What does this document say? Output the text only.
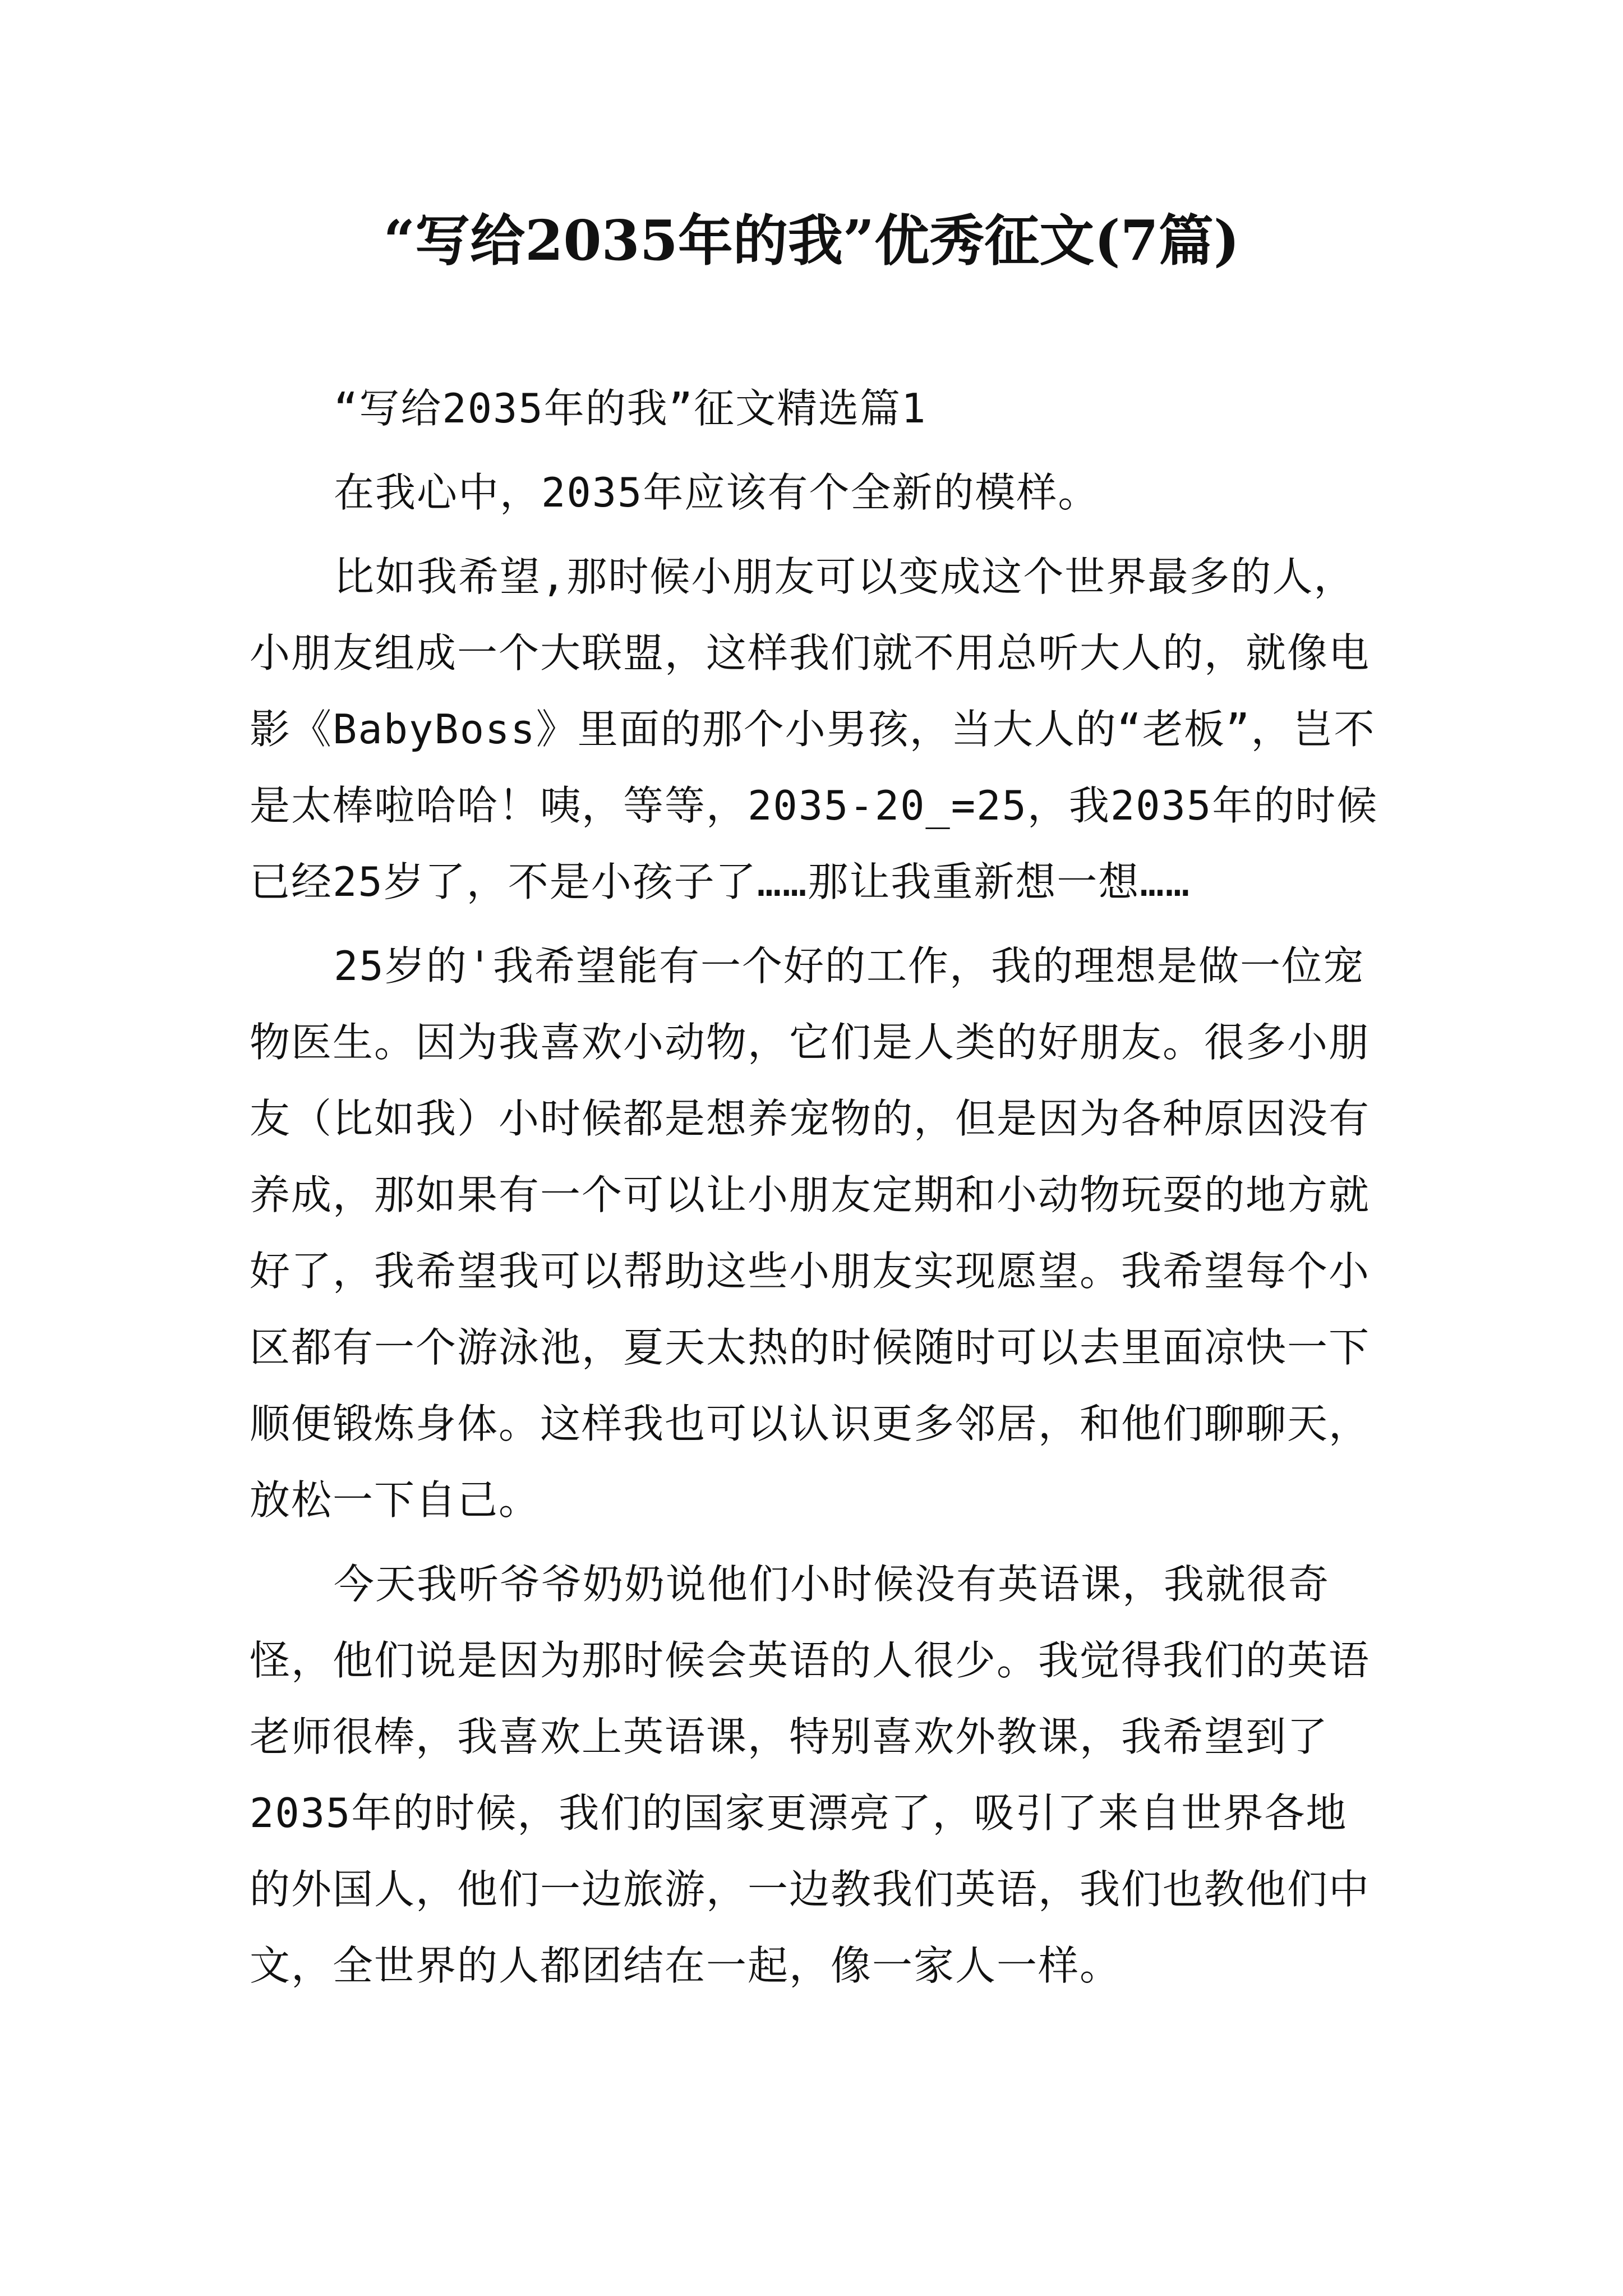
“写给2035年的我”优秀征文(7篇)

“写给2035年的我”征文精选篇1

在我心中，2035年应该有个全新的模样。

比如我希望,那时候小朋友可以变成这个世界最多的人，小朋友组成一个大联盟，这样我们就不用总听大人的，就像电影《BabyBoss》里面的那个小男孩，当大人的“老板”，岂不是太棒啦哈哈！咦，等等，2035-20_=25，我2035年的时候已经25岁了，不是小孩子了……那让我重新想一想……

25岁的'我希望能有一个好的工作，我的理想是做一位宠物医生。因为我喜欢小动物，它们是人类的好朋友。很多小朋友（比如我）小时候都是想养宠物的，但是因为各种原因没有养成，那如果有一个可以让小朋友定期和小动物玩耍的地方就好了，我希望我可以帮助这些小朋友实现愿望。我希望每个小区都有一个游泳池，夏天太热的时候随时可以去里面凉快一下顺便锻炼身体。这样我也可以认识更多邻居，和他们聊聊天，放松一下自己。

今天我听爷爷奶奶说他们小时候没有英语课，我就很奇怪，他们说是因为那时候会英语的人很少。我觉得我们的英语老师很棒，我喜欢上英语课，特别喜欢外教课，我希望到了2035年的时候，我们的国家更漂亮了，吸引了来自世界各地的外国人，他们一边旅游，一边教我们英语，我们也教他们中文，全世界的人都团结在一起，像一家人一样。
